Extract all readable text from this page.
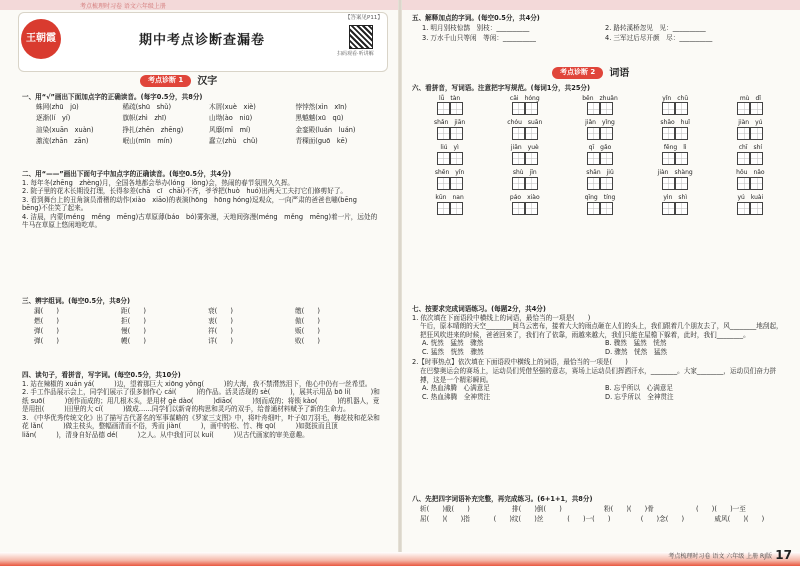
考点梳理时习卷 语文六年级上册
王朝霞	期中考点诊断查漏卷
【答案见P11】
扫码观看·听讲解
考点诊断 1	汉字

一、用“√”画出下面加点字的正确读音。(每字0.5分，共8分)

蛛网(zhū　jū)	稀疏(shū　shǔ)	木屑(xuè　xiè)	悖悖然(xìn　xīn)
逐渐(lí　yí)	旗帜(zhì　zhī)	山坳(ào　niū)	黑魆魆(xū　qū)
渲染(xuān　xuàn)	挣扎(zhēn　zhēng)	风靡(mǐ　mí)	金銮殿(luán　luán)
激流(zhān　zān)	岷山(mīn　mín)	蠢立(zhù　chǔ)	青稞面(guō　kē)

二、用“——”画出下面句子中加点字的正确读音。(每空0.5分，共4分)

1. 每年冬(zhēng　zhèng)月，全国各地都会举办(lóng　lòng)会，热闹的春节氛围久久挥。

2. 院子里的花木长期没打理，长得参差(chā　cī　chāi)不齐，爷爷把(huò　huó)出两天工夫打它们修剪好了。

3. 看到舞台上的丑角演员滑稽的动作(xiào　xiāo)的表演(hōng　hōng hóng)逗观众，一向严肃的爸爸也嘣(bēng　bēng)不住笑了起来。

4. 洁晨，内蒙(méng　měng　mēng)古草原薄(báo　bó)雾弥漫，天地间弥漫(méng　měng　mēng)着一片，远处的牛马在草原上悠闲地吃草。

三、辨字组词。(每空0.5分，共8分)

漏(　　)	距(　　)	衰(　　)	缴(　　)
燃(　　)	拒(　　)	衷(　　)	傲(　　)
弹(　　)	慢(　　)	祥(　　)	贩(　　)
弹(　　)	幔(　　)	详(　　)	败(　　)

四、读句子，看拼音，写字词。(每空0.5分，共10分)

1. 站在辣椒的 xuán yá(　　　)边，望着那巨大 xiōng yǒng(　　　)的大海，我不禁潸然泪下，他心中仍有一丝希望。

2. 手工作品展示会上，同学们展示了很多制作心 cái(　　　)的作品。活灵活现的 sè(　　　)，展其示用品 bō lí(　　　)和纸 suō(　　　)创作而成的；用几根木头，是用材 gè dào(　　　)diāo(　　　)刻而成的；将锁 kào(　　　)的机器人，竟是用扭(　　　)田里的大 cí(　　　)做成……同学们以新奇的构思和灵巧的双手，给普通材料赋予了新的生命力。

3. 《中华优秀传统文化》出了描写古代著名的军事谋略的《罗家三支图》中，将叶舟细叶，叶子如刀羽毛，梅花枝和花朵和花 lǎn(　　　)做主枝头，整幅画清而不俗，秀而 jiàn(　　　)，画中的松、竹、梅 qū(　　　)如挺拔而且顶 liǎn(　　　)，清身自好品德 dé(　　　)之人。从中我们可以 kuí(　　　)见古代画家的审美意趣。

五、解释加点的字词。(每空0.5分，共4分)

1. 明月别枝惊鹊　别枝：__________	2. 路转溪桥忽见　见：__________
3. 万水千山只等闲　等闲：__________	4. 三军过后尽开颜　尽：__________
考点诊断 2	词语

六、看拼音，写词语。注意把字写规范。(每词1分，共25分)

lǚ　tàn	cāi　hóng	bēn　zhuǎn	yǐn　chū	mù　dǐ
shǎn　jiān	chóu　suān	jiǎn　yǐng	shāo　huǐ	jiàn　yú
liú　yì	jiān　yuè	qī　gǎo	fēng　lì	chī　shí
shēn　yǐn	shù　jīn	shān　jiǔ	jiàn　shàng	hōu　nǎo
kūn　nan	páo　xiào	qīng　tíng	yìn　shì	yú　kuài

七、按要求完成词语练习。(每题2分，共4分)

1. 依次填在下面语段中横线上的词语，最恰当的一项是(　　)

午后，原本晴朗的天空________间乌云密布，接着大大的雨点砸在人们的头上，我们跟着几个朋友去了，风________地刮起，把狂风吹进来的时候，爸爸回来了，我们有了依靠，雨越来越大，我们只能在屋檐下躲着，此时，我们________。

A. 恍然　猛然　骤然	B. 骤然　猛然　恍然
C. 猛然　恍然　骤然	D. 骤然　恍然　猛然

2.【时事热点】依次填在下面语段中横线上的词语，最恰当的一项是(　　)

在巴黎奥运会的赛场上，运动员们凭借坚强的意志，赛场上运动员们挥洒汗水，________。大家________，运动员们奋力拼搏，这是一个精彩瞬间。

A. 热血沸腾　心满意足	B. 忘乎所以　心满意足
C. 热血沸腾　全神贯注	D. 忘乎所以　全神贯注

八、先把四字词语补充完整，再完成练习。(6+1+1，共8分)

斩(　　)截(　　)	排(　　)倒(　　)	粉(　　)(　　)骨	(　　)(　　)一至
屈(　　)(　　)指	(　　)纹(　　)丝	(　　)一(　　)	(　　)念(　　)	威风(　　)(　　)
考点梳理时习卷 语文 六年级 上册 RJ版 17
